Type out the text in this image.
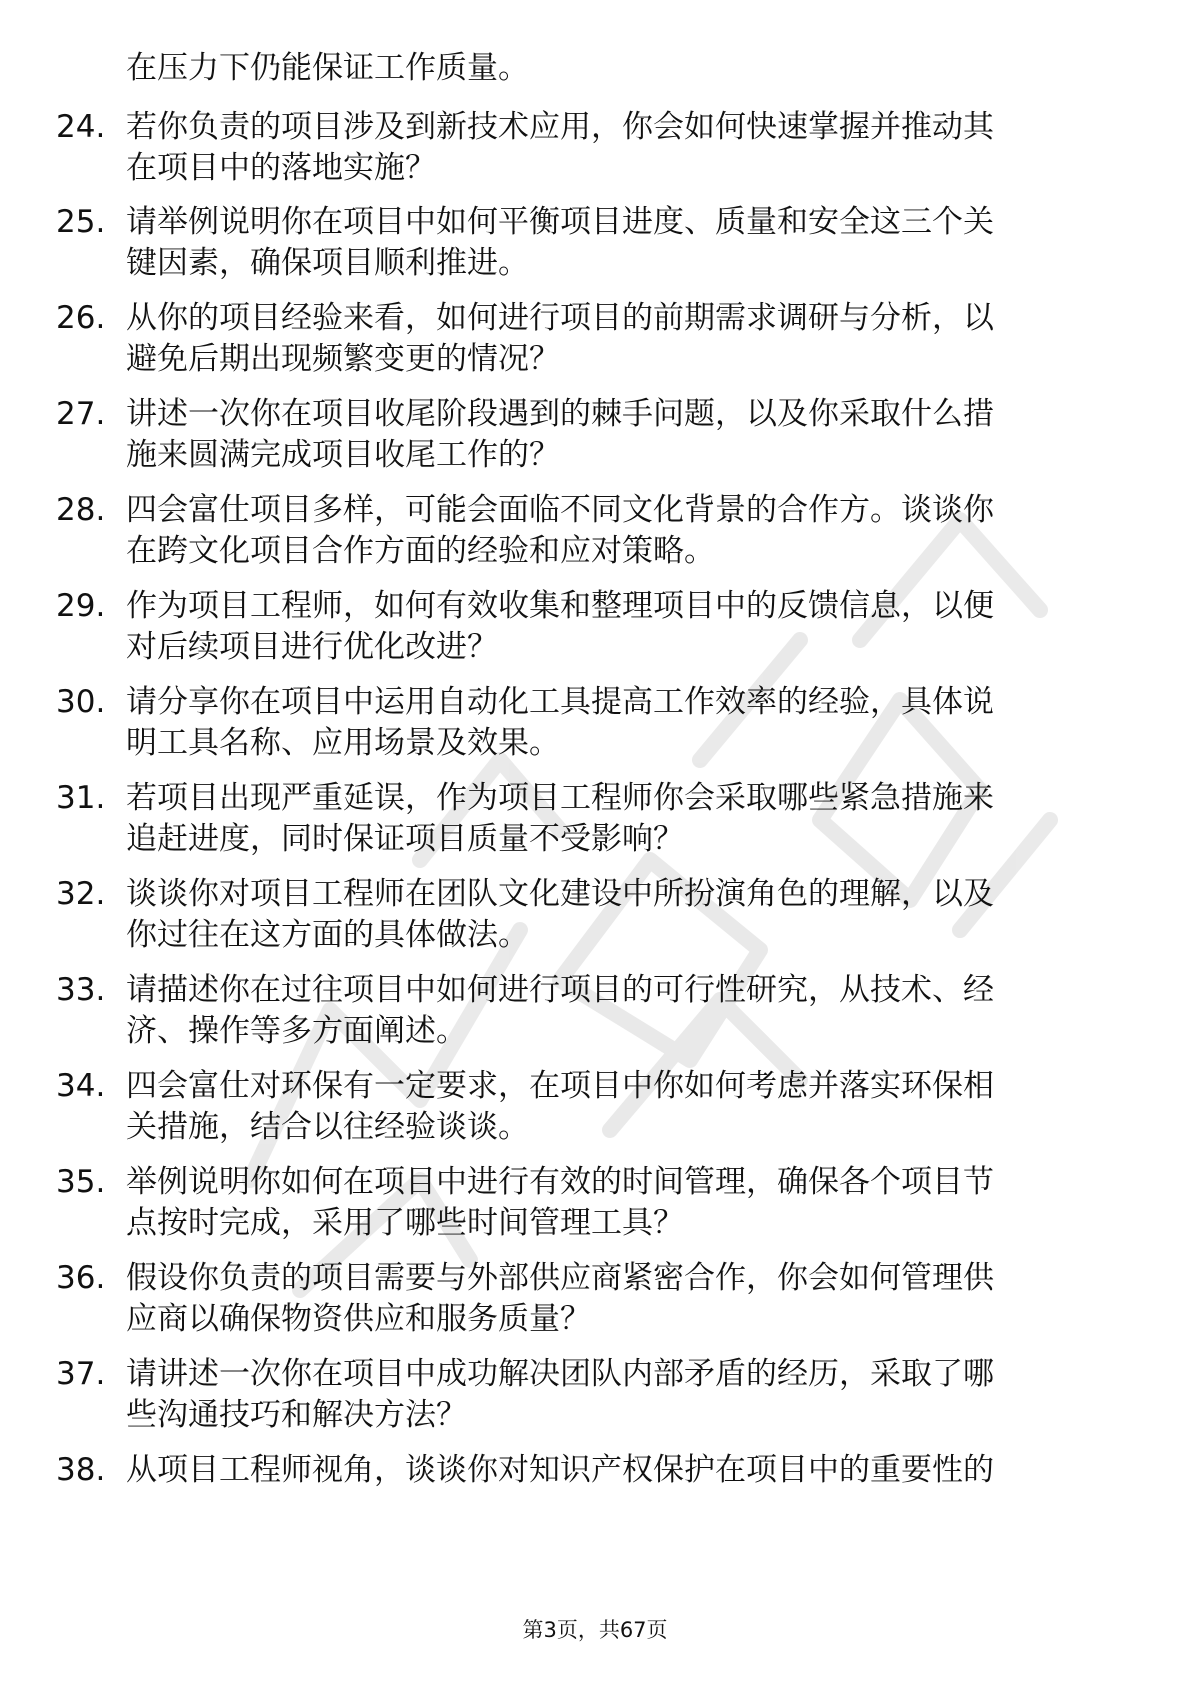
在压力下仍能保证工作质量。
24. 若你负责的项目涉及到新技术应用，你会如何快速掌握并推动其
在项目中的落地实施？
25. 请举例说明你在项目中如何平衡项目进度、质量和安全这三个关
键因素，确保项目顺利推进。
26. 从你的项目经验来看，如何进行项目的前期需求调研与分析，以
避免后期出现频繁变更的情况？
27. 讲述一次你在项目收尾阶段遇到的棘手问题，以及你采取什么措
施来圆满完成项目收尾工作的？
28. 四会富仕项目多样，可能会面临不同文化背景的合作方。谈谈你
在跨文化项目合作方面的经验和应对策略。
29. 作为项目工程师，如何有效收集和整理项目中的反馈信息，以便
对后续项目进行优化改进？
30. 请分享你在项目中运用自动化工具提高工作效率的经验，具体说
明工具名称、应用场景及效果。
31. 若项目出现严重延误，作为项目工程师你会采取哪些紧急措施来
追赶进度，同时保证项目质量不受影响？
32. 谈谈你对项目工程师在团队文化建设中所扮演角色的理解，以及
你过往在这方面的具体做法。
33. 请描述你在过往项目中如何进行项目的可行性研究，从技术、经
济、操作等多方面阐述。
34. 四会富仕对环保有一定要求，在项目中你如何考虑并落实环保相
关措施，结合以往经验谈谈。
35. 举例说明你如何在项目中进行有效的时间管理，确保各个项目节
点按时完成，采用了哪些时间管理工具？
36. 假设你负责的项目需要与外部供应商紧密合作，你会如何管理供
应商以确保物资供应和服务质量？
37. 请讲述一次你在项目中成功解决团队内部矛盾的经历，采取了哪
些沟通技巧和解决方法？
38. 从项目工程师视角，谈谈你对知识产权保护在项目中的重要性的
第3页，共67页
